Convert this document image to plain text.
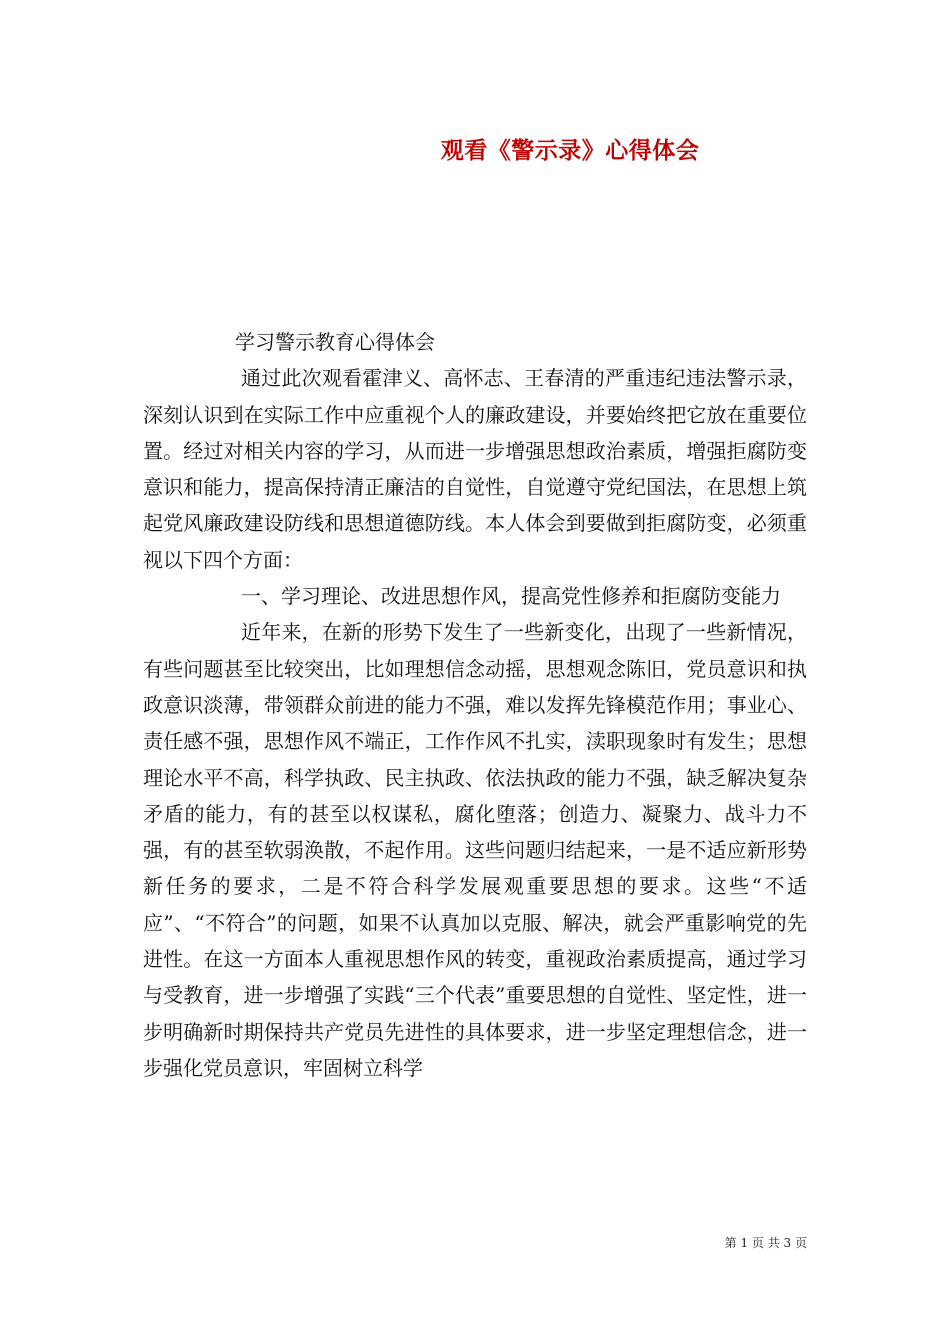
观看《警示录》心得体会
学习警示教育心得体会

通过此次观看霍津义、高怀志、王春清的严重违纪违法警示录，深刻认识到在实际工作中应重视个人的廉政建设，并要始终把它放在重要位置。经过对相关内容的学习，从而进一步增强思想政治素质，增强拒腐防变意识和能力，提高保持清正廉洁的自觉性，自觉遵守党纪国法，在思想上筑起党风廉政建设防线和思想道德防线。本人体会到要做到拒腐防变，必须重视以下四个方面：

一、学习理论、改进思想作风，提高党性修养和拒腐防变能力

近年来，在新的形势下发生了一些新变化，出现了一些新情况，有些问题甚至比较突出，比如理想信念动摇，思想观念陈旧，党员意识和执政意识淡薄，带领群众前进的能力不强，难以发挥先锋模范作用；事业心、责任感不强，思想作风不端正，工作作风不扎实，渎职现象时有发生；思想理论水平不高，科学执政、民主执政、依法执政的能力不强，缺乏解决复杂矛盾的能力，有的甚至以权谋私，腐化堕落；创造力、凝聚力、战斗力不强，有的甚至软弱涣散，不起作用。这些问题归结起来，一是不适应新形势新任务的要求，二是不符合科学发展观重要思想的要求。这些“不适应”、“不符合”的问题，如果不认真加以克服、解决，就会严重影响党的先进性。在这一方面本人重视思想作风的转变，重视政治素质提高，通过学习与受教育，进一步增强了实践“三个代表”重要思想的自觉性、坚定性，进一步明确新时期保持共产党员先进性的具体要求，进一步坚定理想信念，进一步强化党员意识，牢固树立科学

第 1 页 共 3 页
